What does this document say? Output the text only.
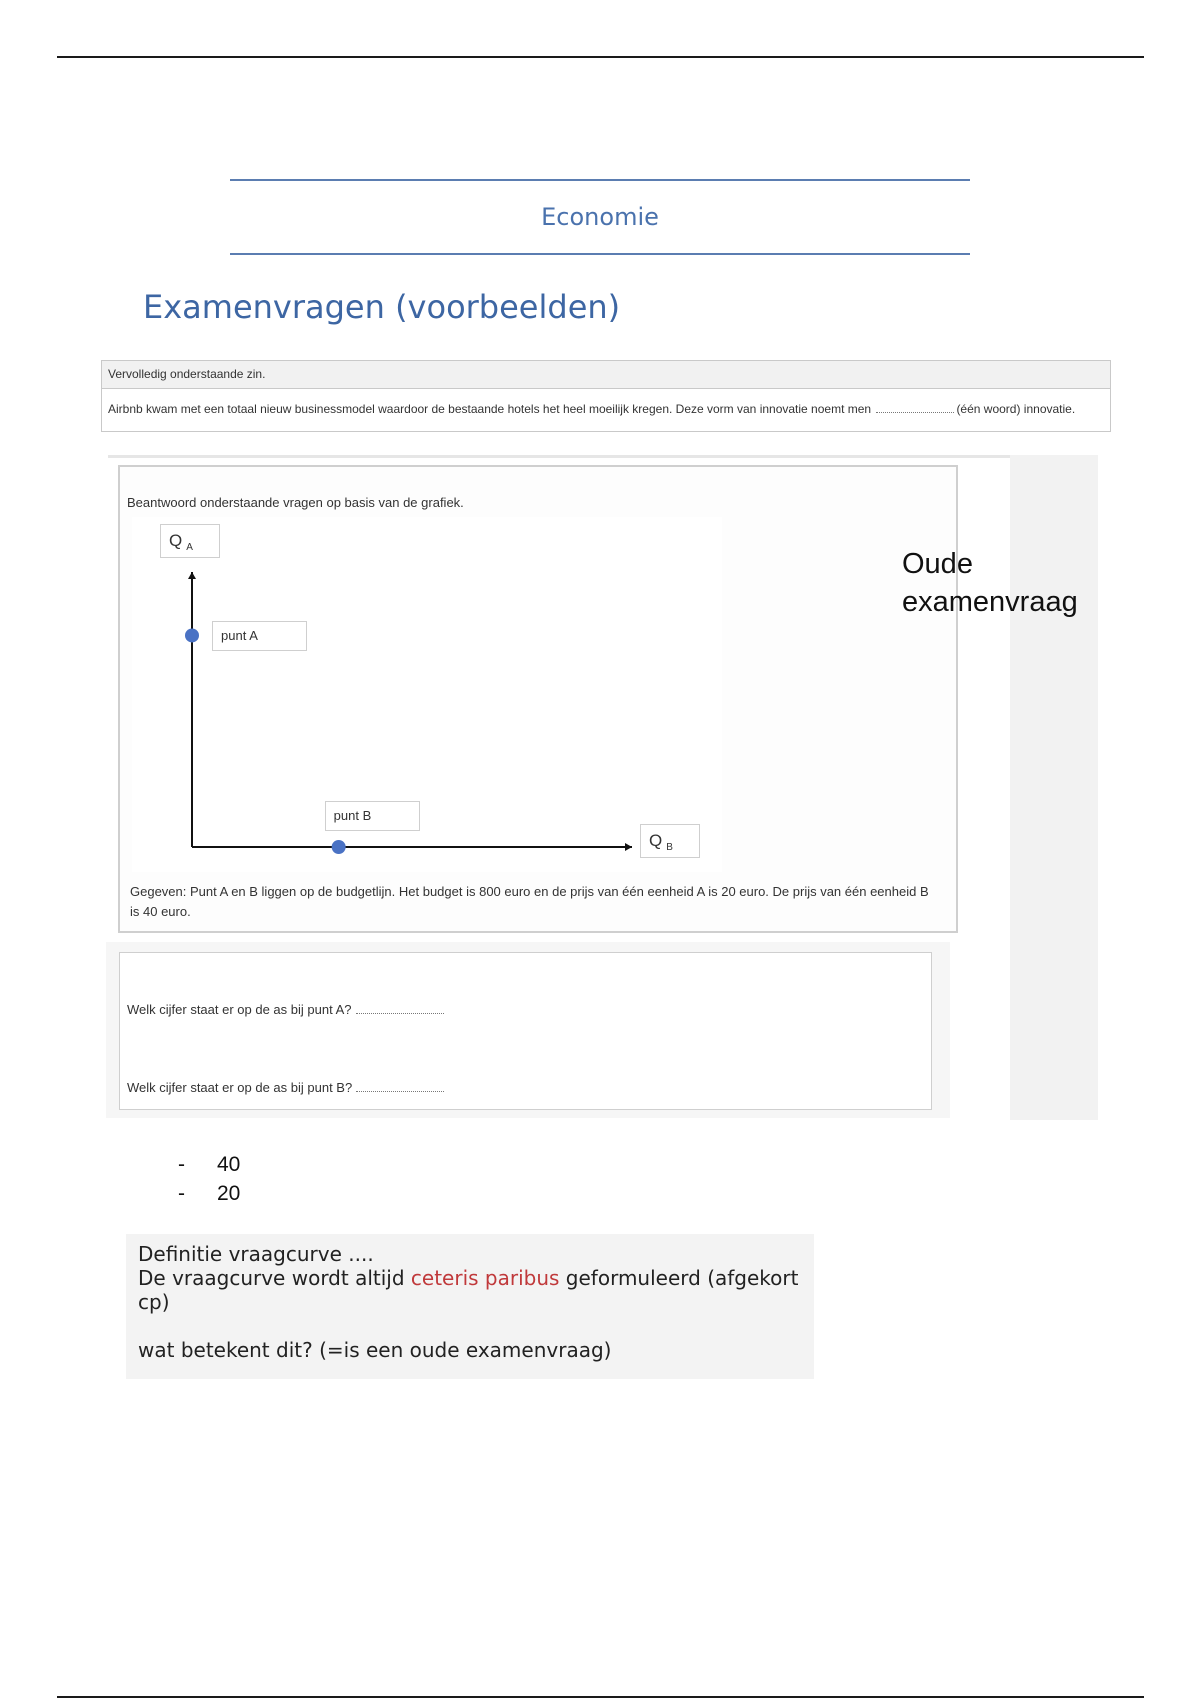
Economie
Examenvragen (voorbeelden)
Vervolledig onderstaande zin.
Airbnb kwam met een totaal nieuw businessmodel waardoor de bestaande hotels het heel moeilijk kregen. Deze vorm van innovatie noemt men	(één woord) innovatie.

Beantwoord onderstaande vragen op basis van de grafiek.

Q $_A$
Q $_B$
punt A
punt B

Gegeven: Punt A en B liggen op de budgetlijn. Het budget is 800 euro en de prijs van één eenheid A is 20 euro. De prijs van één eenheid B is 40 euro.

Oude
examenvraag
Welk cijfer staat er op de as bij punt A?
Welk cijfer staat er op de as bij punt B?
- 40
- 20

Definitie vraagcurve ....

De vraagcurve wordt altijd ceteris paribus geformuleerd (afgekort cp)

wat betekent dit? (=is een oude examenvraag)
